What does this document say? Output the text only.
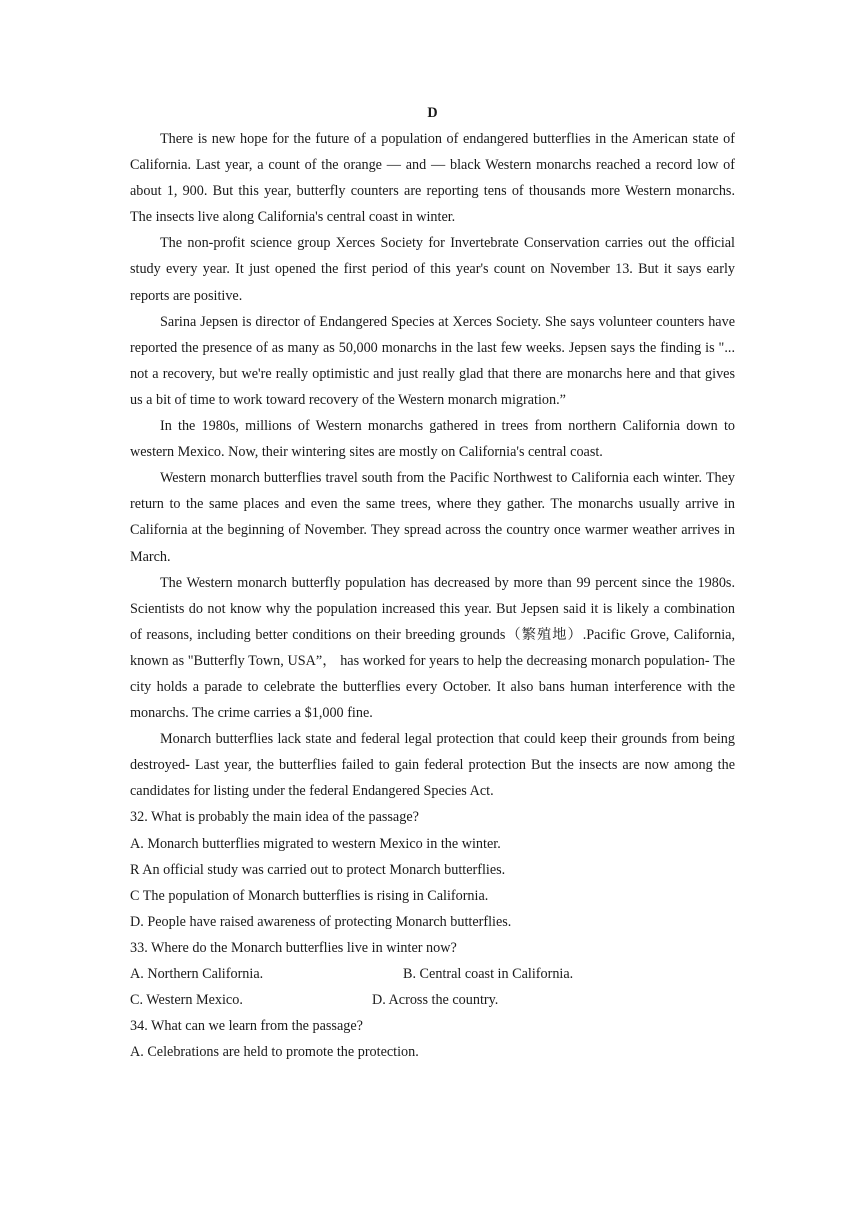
D

There is new hope for the future of a population of endangered butterflies in the American state of California. Last year, a count of the orange — and — black Western monarchs reached a record low of about 1, 900. But this year, butterfly counters are reporting tens of thousands more Western monarchs. The insects live along California's central coast in winter.

The non-profit science group Xerces Society for Invertebrate Conservation carries out the official study every year. It just opened the first period of this year's count on November 13. But it says early reports are positive.

Sarina Jepsen is director of Endangered Species at Xerces Society. She says volunteer counters have reported the presence of as many as 50,000 monarchs in the last few weeks. Jepsen says the finding is "... not a recovery, but we're really optimistic and just really glad that there are monarchs here and that gives us a bit of time to work toward recovery of the Western monarch migration.”

In the 1980s, millions of Western monarchs gathered in trees from northern California down to western Mexico. Now, their wintering sites are mostly on California's central coast.

Western monarch butterflies travel south from the Pacific Northwest to California each winter. They return to the same places and even the same trees, where they gather. The monarchs usually arrive in California at the beginning of November. They spread across the country once warmer weather arrives in March.

The Western monarch butterfly population has decreased by more than 99 percent since the 1980s. Scientists do not know why the population increased this year. But Jepsen said it is likely a combination of reasons, including better conditions on their breeding grounds（繁殖地）.Pacific Grove, California, known as "Butterfly Town, USA”， has worked for years to help the decreasing monarch population- The city holds a parade to celebrate the butterflies every October. It also bans human interference with the monarchs. The crime carries a $1,000 fine.

Monarch butterflies lack state and federal legal protection that could keep their grounds from being destroyed- Last year, the butterflies failed to gain federal protection But the insects are now among the candidates for listing under the federal Endangered Species Act.

32. What is probably the main idea of the passage?

A. Monarch butterflies migrated to western Mexico in the winter.

R An official study was carried out to protect Monarch butterflies.

C The population of Monarch butterflies is rising in California.

D. People have raised awareness of protecting Monarch butterflies.

33. Where do the Monarch butterflies live in winter now?

A. Northern California.	B. Central coast in California.
C. Western Mexico.	D. Across the country.

34. What can we learn from the passage?

A. Celebrations are held to promote the protection.
